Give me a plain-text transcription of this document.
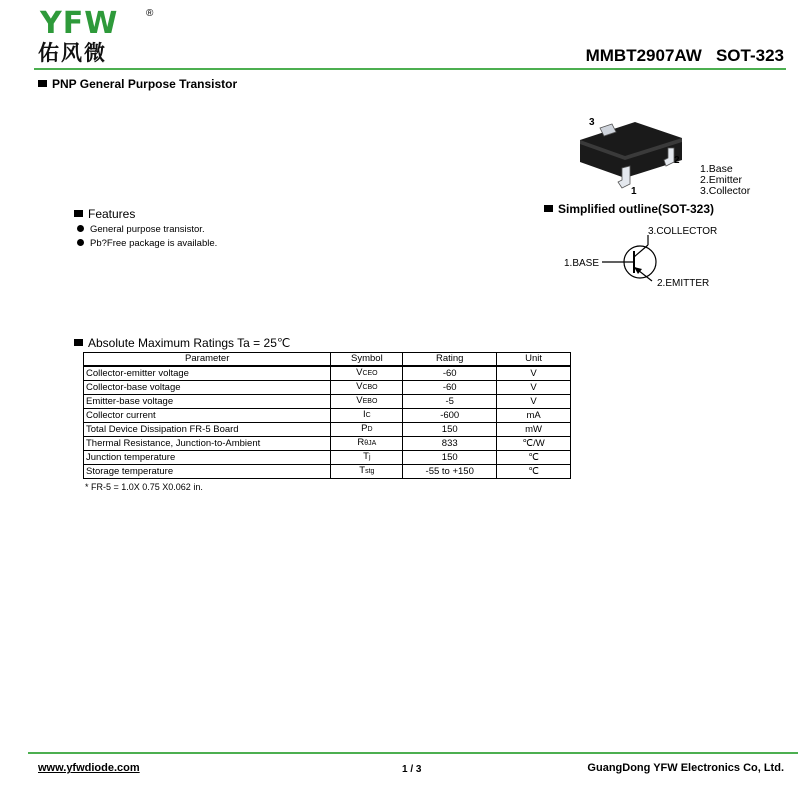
YFW	®
佑风微	MMBT2907AW   SOT-323
PNP General Purpose Transistor
3
2
1
1.Base
2.Emitter
3.Collector
Simplified outline(SOT-323)
3.COLLECTOR
1.BASE
2.EMITTER
Features
General purpose transistor.
Pb?Free package is available.
Absolute Maximum Ratings Ta = 25℃
Parameter	Symbol	Rating	Unit
Collector-emitter voltage	VCEO	-60	V
Collector-base voltage	VCBO	-60	V
Emitter-base voltage	VEBO	-5	V
Collector current	IC	-600	mA
Total Device Dissipation FR-5 Board	PD	150	mW
Thermal Resistance, Junction-to-Ambient	RθJA	833	℃/W
Junction temperature	Tj	150	℃
Storage temperature	Tstg	-55 to +150	℃
* FR-5 = 1.0X 0.75 X0.062 in.
www.yfwdiode.com	1 / 3	GuangDong YFW Electronics Co, Ltd.
